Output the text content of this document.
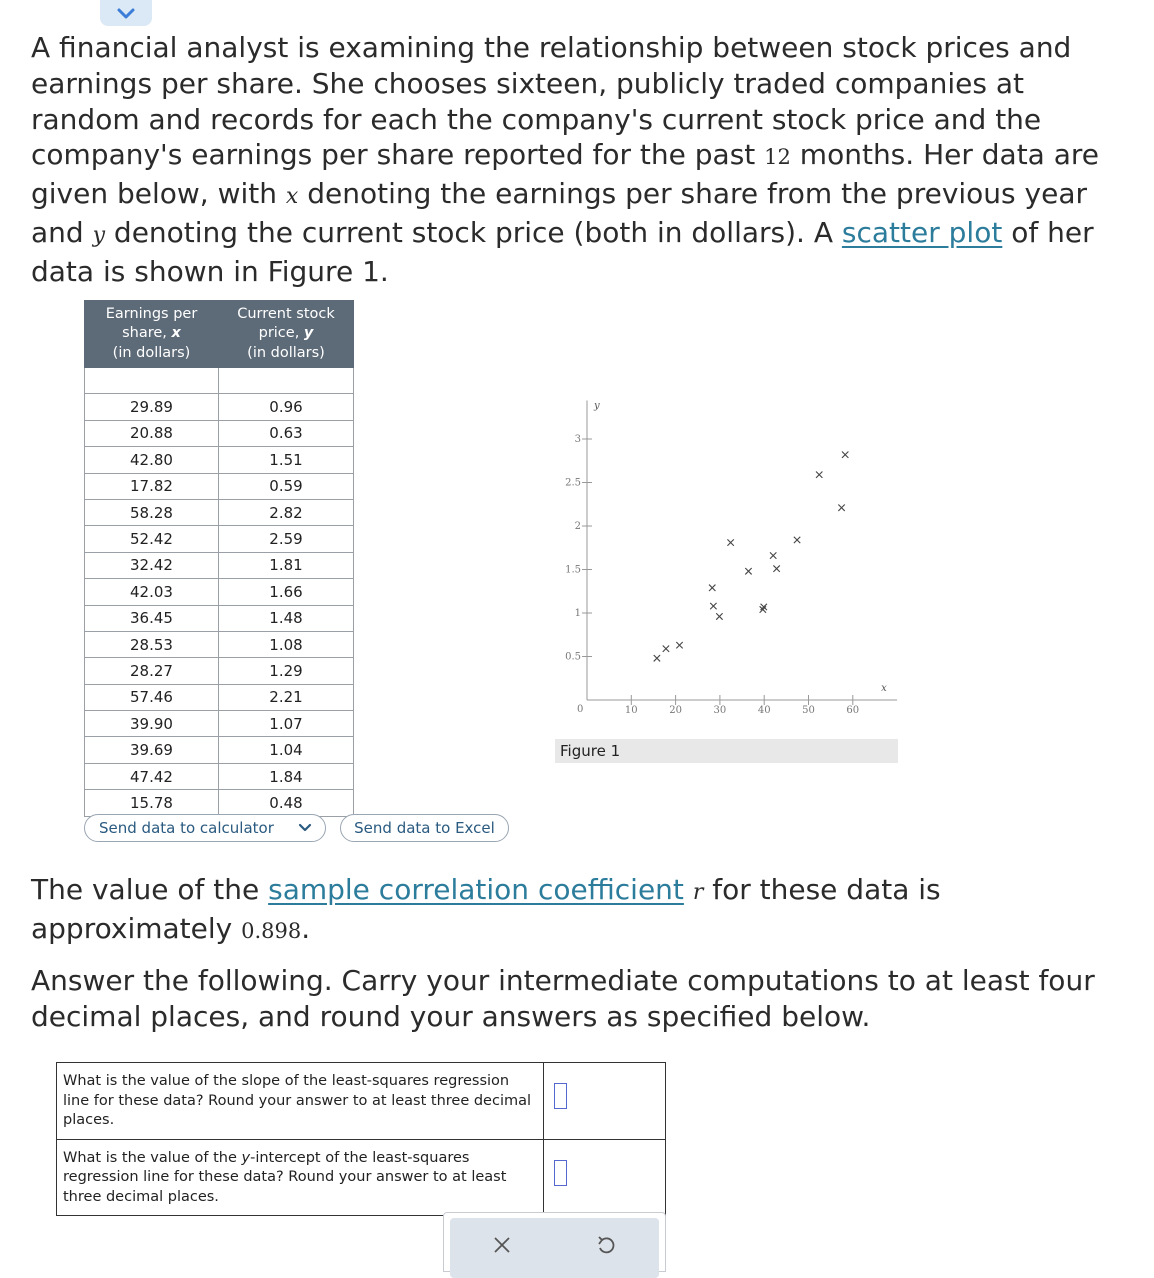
A financial analyst is examining the relationship between stock prices and earnings per share. She chooses sixteen, publicly traded companies at random and records for each the company's current stock price and the company's earnings per share reported for the past 12 months. Her data are given below, with x denoting the earnings per share from the previous year and y denoting the current stock price (both in dollars). A scatter plot of her data is shown in Figure 1.
Earnings per
share, x
(in dollars)	Current stock
price, y
(in dollars)

29.89	0.96
20.88	0.63
42.80	1.51
17.82	0.59
58.28	2.82
52.42	2.59
32.42	1.81
42.03	1.66
36.45	1.48
28.53	1.08
28.27	1.29
57.46	2.21
39.90	1.07
39.69	1.04
47.42	1.84
15.78	0.48
Send data to calculator	Send data to Excel
y
x
0	10	20	30	40	50	60
0.5
1
1.5
2
2.5
3
Figure 1
The value of the sample correlation coefficient r for these data is approximately 0.898.
Answer the following. Carry your intermediate computations to at least four decimal places, and round your answers as specified below.
What is the value of the slope of the least-squares regression line for these data? Round your answer to at least three decimal places.	

What is the value of the y-intercept of the least-squares regression line for these data? Round your answer to at least three decimal places.	
